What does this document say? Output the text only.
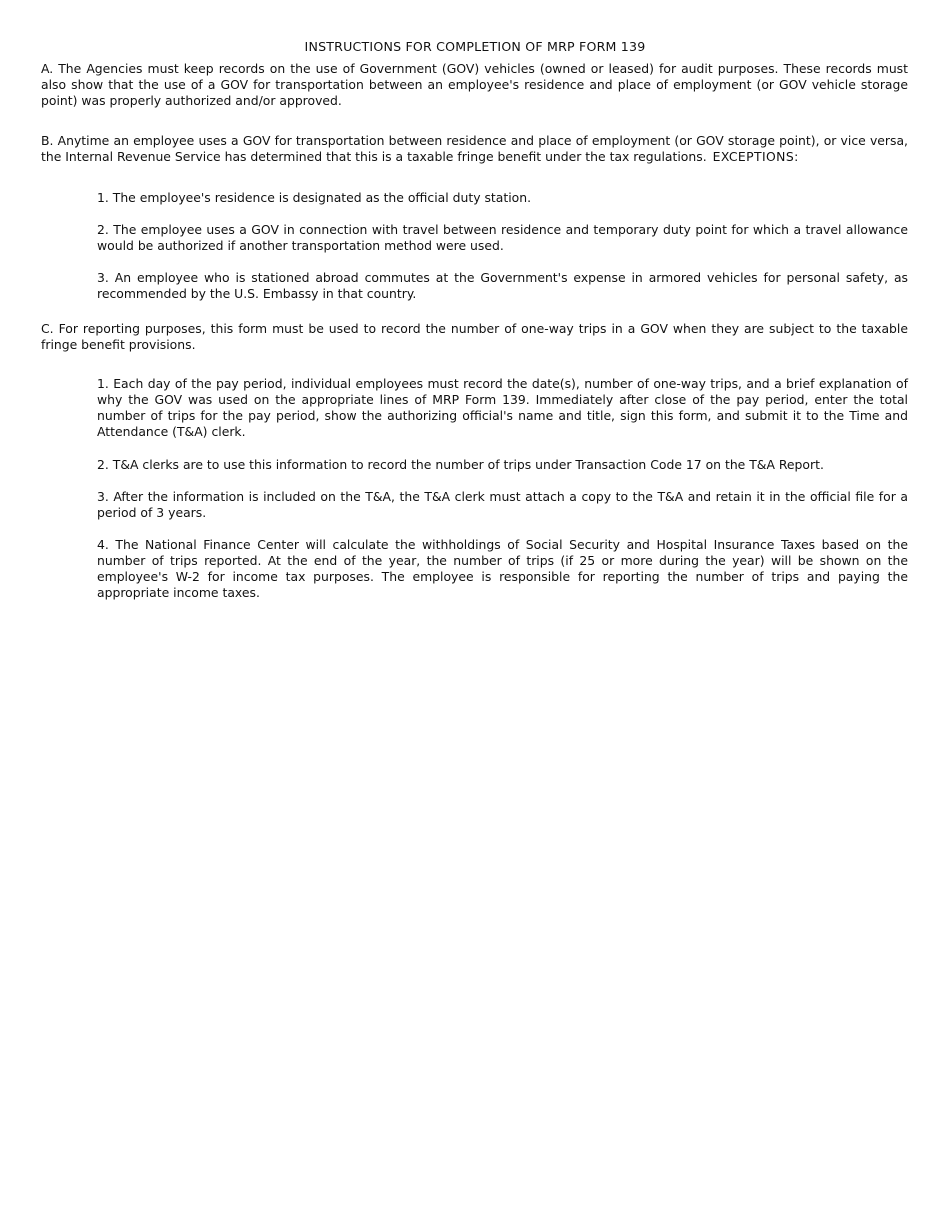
INSTRUCTIONS FOR COMPLETION OF MRP FORM 139
A. The Agencies must keep records on the use of Government (GOV) vehicles (owned or leased) for audit purposes. These records must also show that the use of a GOV for transportation between an employee's residence and place of employment (or GOV vehicle storage point) was properly authorized and/or approved.
B. Anytime an employee uses a GOV for transportation between residence and place of employment (or GOV storage point), or vice versa, the Internal Revenue Service has determined that this is a taxable fringe benefit under the tax regulations. EXCEPTIONS:
1. The employee's residence is designated as the official duty station.
2. The employee uses a GOV in connection with travel between residence and temporary duty point for which a travel allowance would be authorized if another transportation method were used.
3. An employee who is stationed abroad commutes at the Government's expense in armored vehicles for personal safety, as recommended by the U.S. Embassy in that country.
C. For reporting purposes, this form must be used to record the number of one-way trips in a GOV when they are subject to the taxable fringe benefit provisions.
1. Each day of the pay period, individual employees must record the date(s), number of one-way trips, and a brief explanation of why the GOV was used on the appropriate lines of MRP Form 139. Immediately after close of the pay period, enter the total number of trips for the pay period, show the authorizing official's name and title, sign this form, and submit it to the Time and Attendance (T&A) clerk.
2. T&A clerks are to use this information to record the number of trips under Transaction Code 17 on the T&A Report.
3. After the information is included on the T&A, the T&A clerk must attach a copy to the T&A and retain it in the official file for a period of 3 years.
4. The National Finance Center will calculate the withholdings of Social Security and Hospital Insurance Taxes based on the number of trips reported. At the end of the year, the number of trips (if 25 or more during the year) will be shown on the employee's W-2 for income tax purposes. The employee is responsible for reporting the number of trips and paying the appropriate income taxes.
